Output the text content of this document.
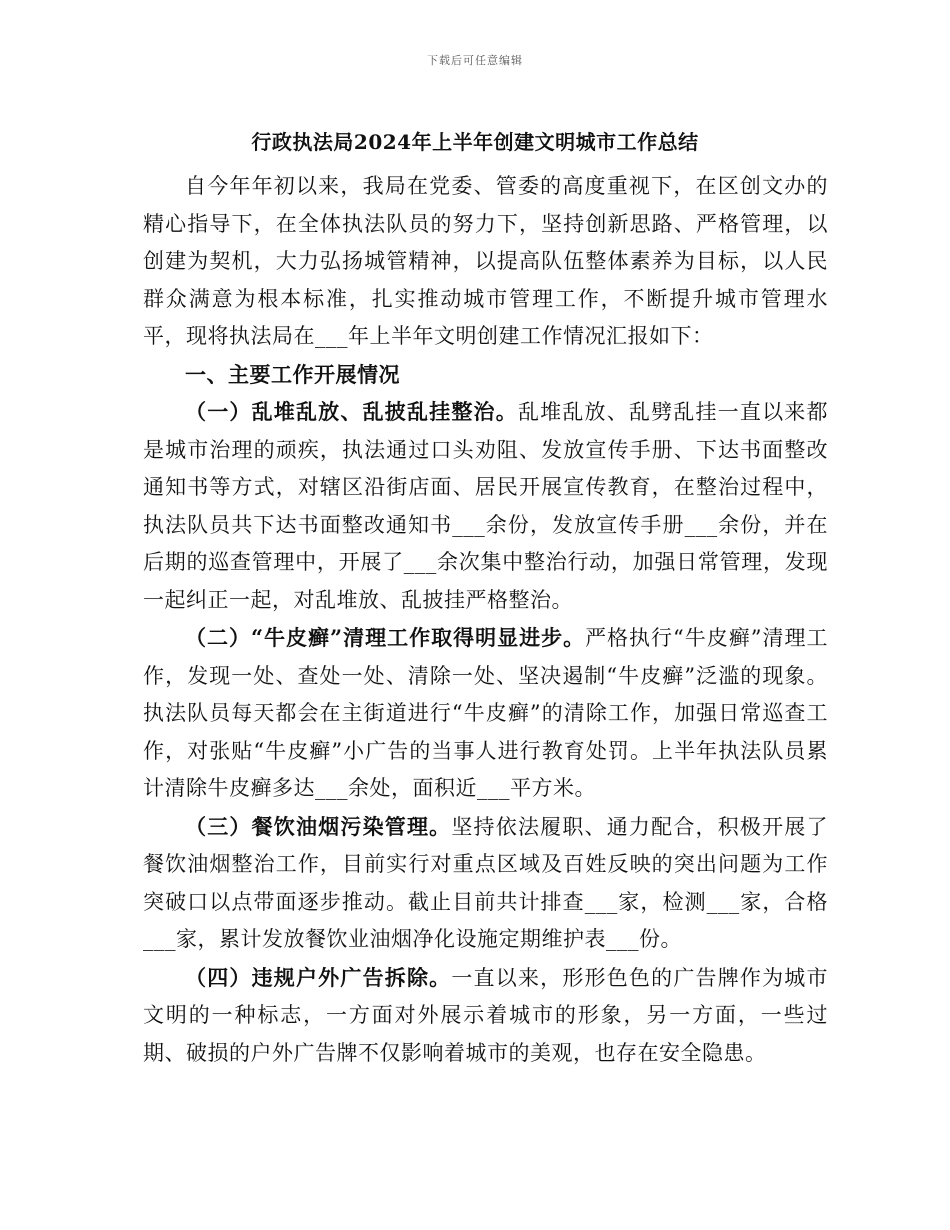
下载后可任意编辑
行政执法局2024年上半年创建文明城市工作总结

自今年年初以来，我局在党委、管委的高度重视下，在区创文办的精心指导下，在全体执法队员的努力下，坚持创新思路、严格管理，以创建为契机，大力弘扬城管精神，以提高队伍整体素养为目标，以人民群众满意为根本标准，扎实推动城市管理工作，不断提升城市管理水平，现将执法局在___年上半年文明创建工作情况汇报如下：

一、主要工作开展情况

（一）乱堆乱放、乱披乱挂整治。乱堆乱放、乱劈乱挂一直以来都是城市治理的顽疾，执法通过口头劝阻、发放宣传手册、下达书面整改通知书等方式，对辖区沿街店面、居民开展宣传教育，在整治过程中，执法队员共下达书面整改通知书___余份，发放宣传手册___余份，并在后期的巡查管理中，开展了___余次集中整治行动，加强日常管理，发现一起纠正一起，对乱堆放、乱披挂严格整治。

（二）“牛皮癣”清理工作取得明显进步。严格执行“牛皮癣”清理工作，发现一处、查处一处、清除一处、坚决遏制“牛皮癣”泛滥的现象。执法队员每天都会在主街道进行“牛皮癣”的清除工作，加强日常巡查工作，对张贴“牛皮癣”小广告的当事人进行教育处罚。上半年执法队员累计清除牛皮癣多达___余处，面积近___平方米。

（三）餐饮油烟污染管理。坚持依法履职、通力配合，积极开展了餐饮油烟整治工作，目前实行对重点区域及百姓反映的突出问题为工作突破口以点带面逐步推动。截止目前共计排查___家，检测___家，合格___家，累计发放餐饮业油烟净化设施定期维护表___份。

（四）违规户外广告拆除。一直以来，形形色色的广告牌作为城市文明的一种标志，一方面对外展示着城市的形象，另一方面，一些过期、破损的户外广告牌不仅影响着城市的美观，也存在安全隐患。
